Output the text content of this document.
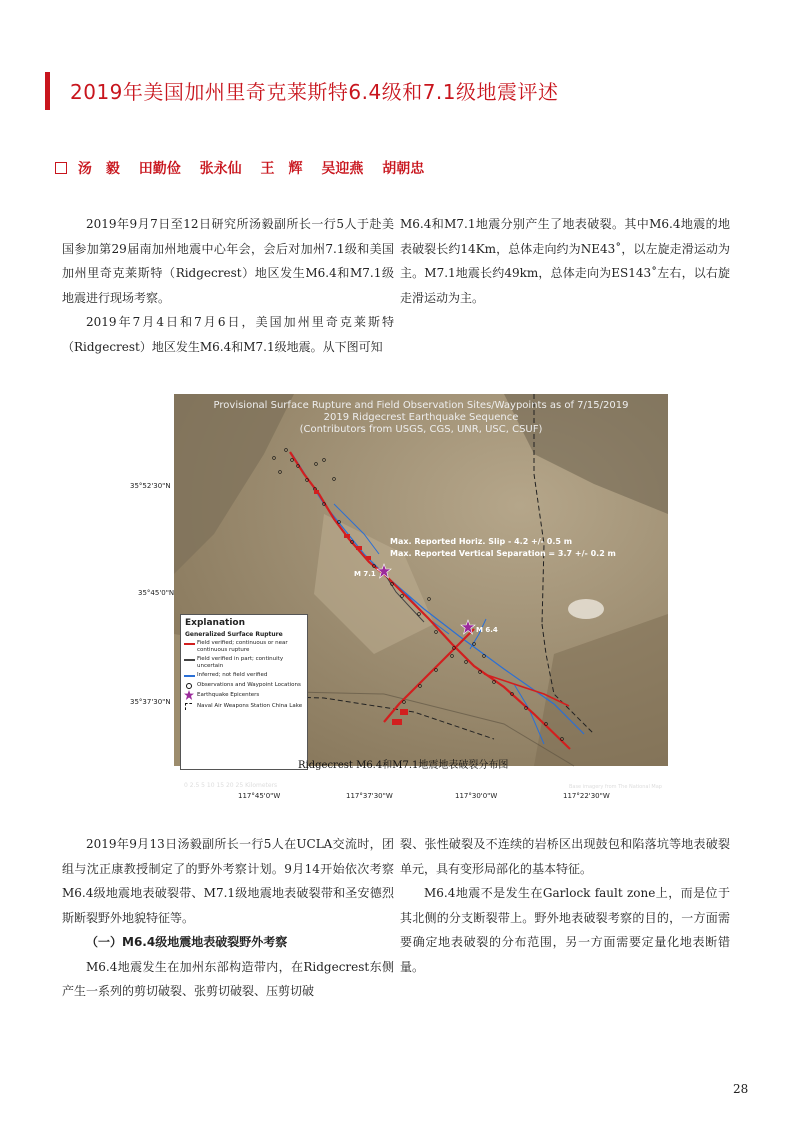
2019年美国加州里奇克莱斯特6.4级和7.1级地震评述
汤　毅 田勤俭 张永仙 王　辉 吴迎燕 胡朝忠

2019年9月7日至12日研究所汤毅副所长一行5人于赴美国参加第29届南加州地震中心年会，会后对加州7.1级和美国加州里奇克莱斯特（Ridgecrest）地区发生M6.4和M7.1级地震进行现场考察。

2019年7月4日和7月6日，美国加州里奇克莱斯特（Ridgecrest）地区发生M6.4和M7.1级地震。从下图可知

M6.4和M7.1地震分别产生了地表破裂。其中M6.4地震的地表破裂长约14Km，总体走向约为NE43˚，以左旋走滑运动为主。M7.1地震长约49km，总体走向为ES143˚左右，以右旋走滑运动为主。

35°52'30"N
35°45'0"N
35°37'30"N
Provisional Surface Rupture and Field Observation Sites/Waypoints as of 7/15/2019
2019 Ridgecrest Earthquake Sequence
(Contributors from USGS, CGS, UNR, USC, CSUF)
Max. Reported Horiz. Slip - 4.2 +/- 0.5 m
Max. Reported Vertical Separation = 3.7 +/- 0.2 m
M 7.1
M 6.4
Explanation
Generalized Surface Rupture
Field verified; continuous or near continuous rupture
Field verified in part; continuity uncertain
Inferred; not field verified
Observations and Waypoint Locations
Earthquake Epicenters
Naval Air Weapons Station China Lake
Ridgecrest M6.4和M7.1地震地表破裂分布图
0 2.5 5 10 15 20 25 Kilometers	Base imagery from The National Map
117°45'0"W	117°37'30"W	117°30'0"W	117°22'30"W

2019年9月13日汤毅副所长一行5人在UCLA交流时，团组与沈正康教授制定了的野外考察计划。9月14开始依次考察M6.4级地震地表破裂带、M7.1级地震地表破裂带和圣安德烈斯断裂野外地貌特征等。

（一）M6.4级地震地表破裂野外考察

M6.4地震发生在加州东部构造带内，在Ridgecrest东侧产生一系列的剪切破裂、张剪切破裂、压剪切破

裂、张性破裂及不连续的岩桥区出现鼓包和陷落坑等地表破裂单元，具有变形局部化的基本特征。

M6.4地震不是发生在Garlock fault zone上，而是位于其北侧的分支断裂带上。野外地表破裂考察的目的，一方面需要确定地表破裂的分布范围，另一方面需要定量化地表断错量。

28
